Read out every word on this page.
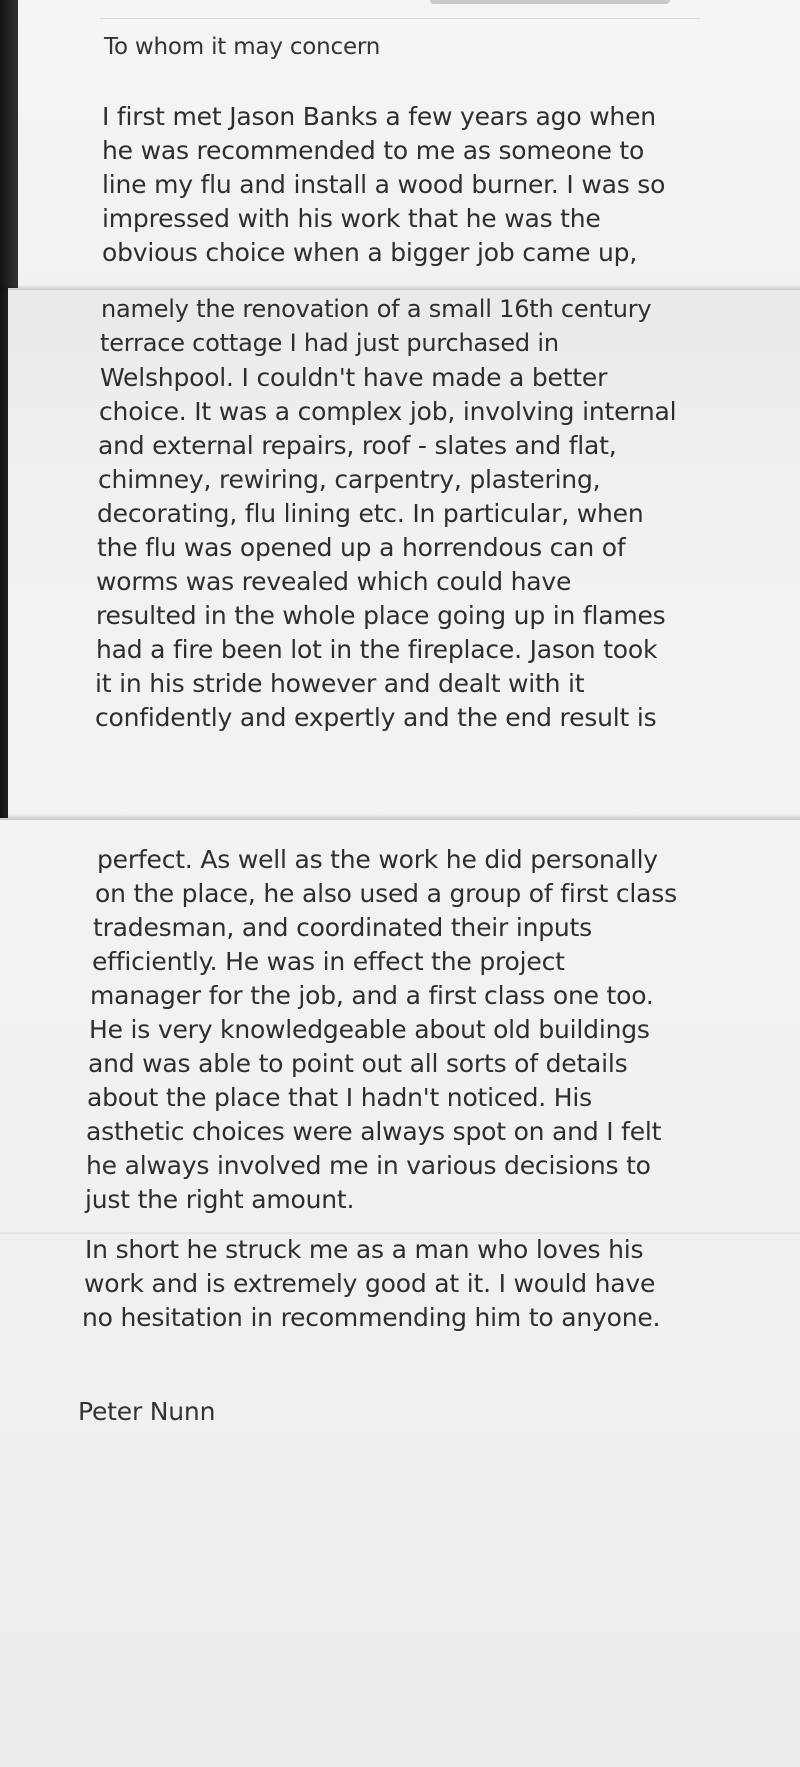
To whom it may concern

I first met Jason Banks a few years ago when

he was recommended to me as someone to

line my flu and install a wood burner. I was so

impressed with his work that he was the

obvious choice when a bigger job came up,

namely the renovation of a small 16th century

terrace cottage I had just purchased in

Welshpool. I couldn't have made a better

choice. It was a complex job, involving internal

and external repairs, roof - slates and flat,

chimney, rewiring, carpentry, plastering,

decorating, flu lining etc. In particular, when

the flu was opened up a horrendous can of

worms was revealed which could have

resulted in the whole place going up in flames

had a fire been lot in the fireplace. Jason took

it in his stride however and dealt with it

confidently and expertly and the end result is

perfect. As well as the work he did personally

on the place, he also used a group of first class

tradesman, and coordinated their inputs

efficiently. He was in effect the project

manager for the job, and a first class one too.

He is very knowledgeable about old buildings

and was able to point out all sorts of details

about the place that I hadn't noticed. His

asthetic choices were always spot on and I felt

he always involved me in various decisions to

just the right amount.

In short he struck me as a man who loves his

work and is extremely good at it. I would have

no hesitation in recommending him to anyone.

Peter Nunn
